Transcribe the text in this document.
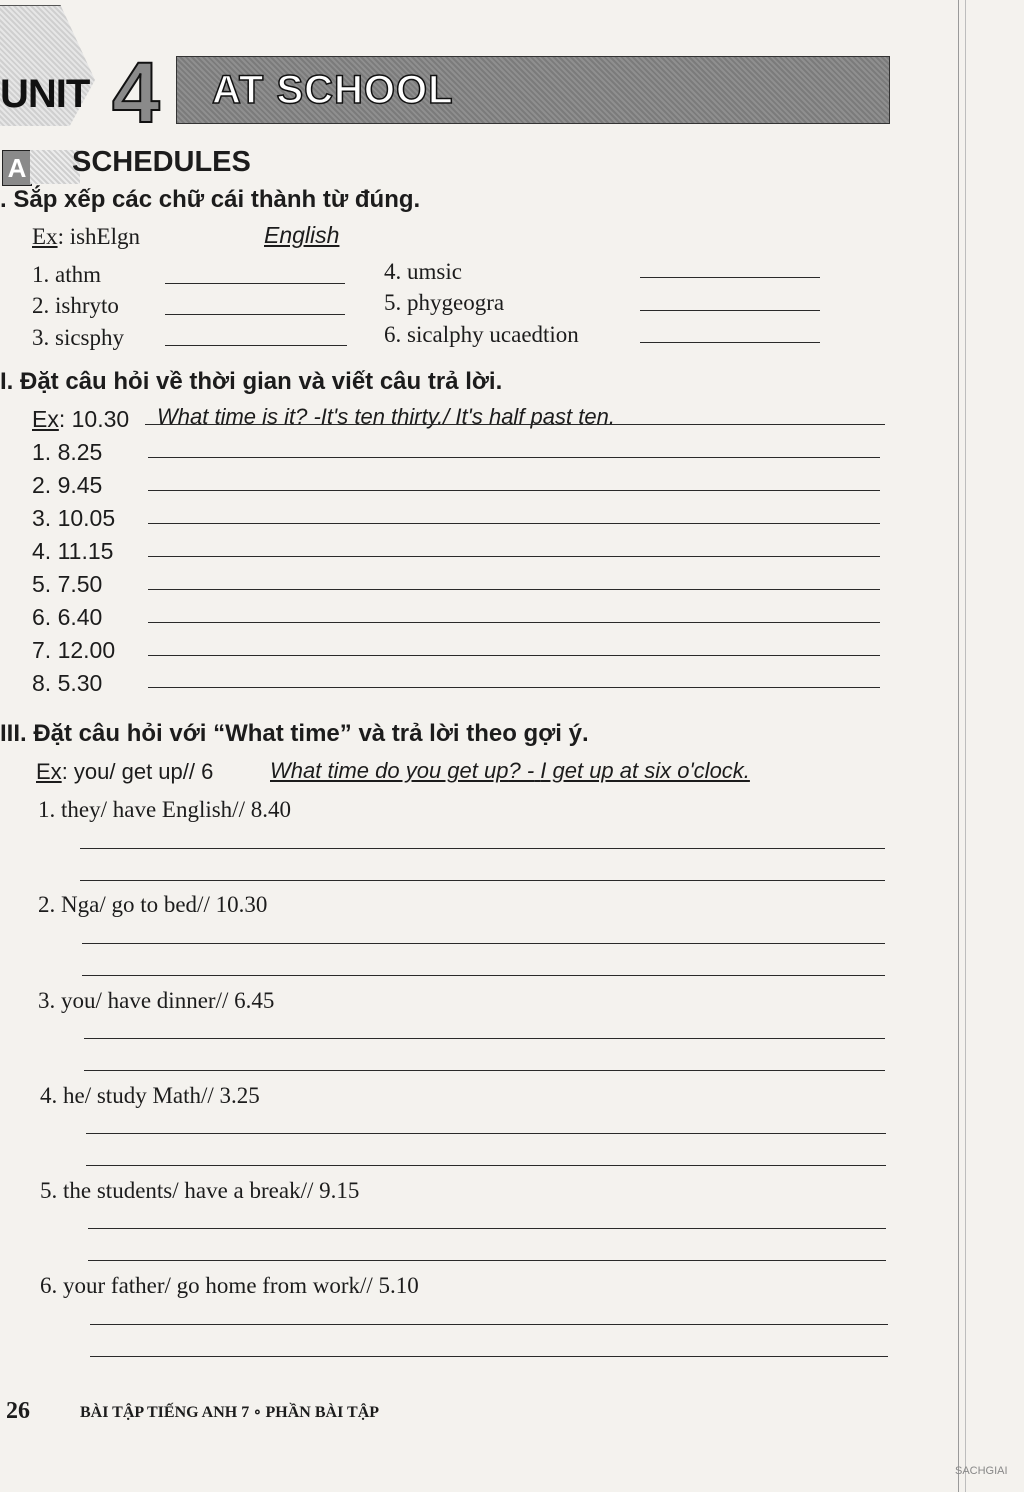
UNIT 4 AT SCHOOL
A SCHEDULES
. Sắp xếp các chữ cái thành từ đúng.
Ex: ishElgn	English
1. athm
2. ishryto
3. sicsphy
4. umsic
5. phygeogra
6. sicalphy ucaedtion
I. Đặt câu hỏi về thời gian và viết câu trả lời.
Ex: 10.30 What time is it? -It's ten thirty./ It's half past ten.
1. 8.25
2. 9.45
3. 10.05
4. 11.15
5. 7.50
6. 6.40
7. 12.00
8. 5.30
III. Đặt câu hỏi với “What time” và trả lời theo gợi ý.
Ex: you/ get up// 6	What time do you get up? - I get up at six o'clock.
1. they/ have English// 8.40
2. Nga/ go to bed// 10.30
3. you/ have dinner// 6.45
4. he/ study Math// 3.25
5. the students/ have a break// 9.15
6. your father/ go home from work// 5.10
26	BÀI TẬP TIẾNG ANH 7 ∘ PHẦN BÀI TẬP
SACHGIAI
